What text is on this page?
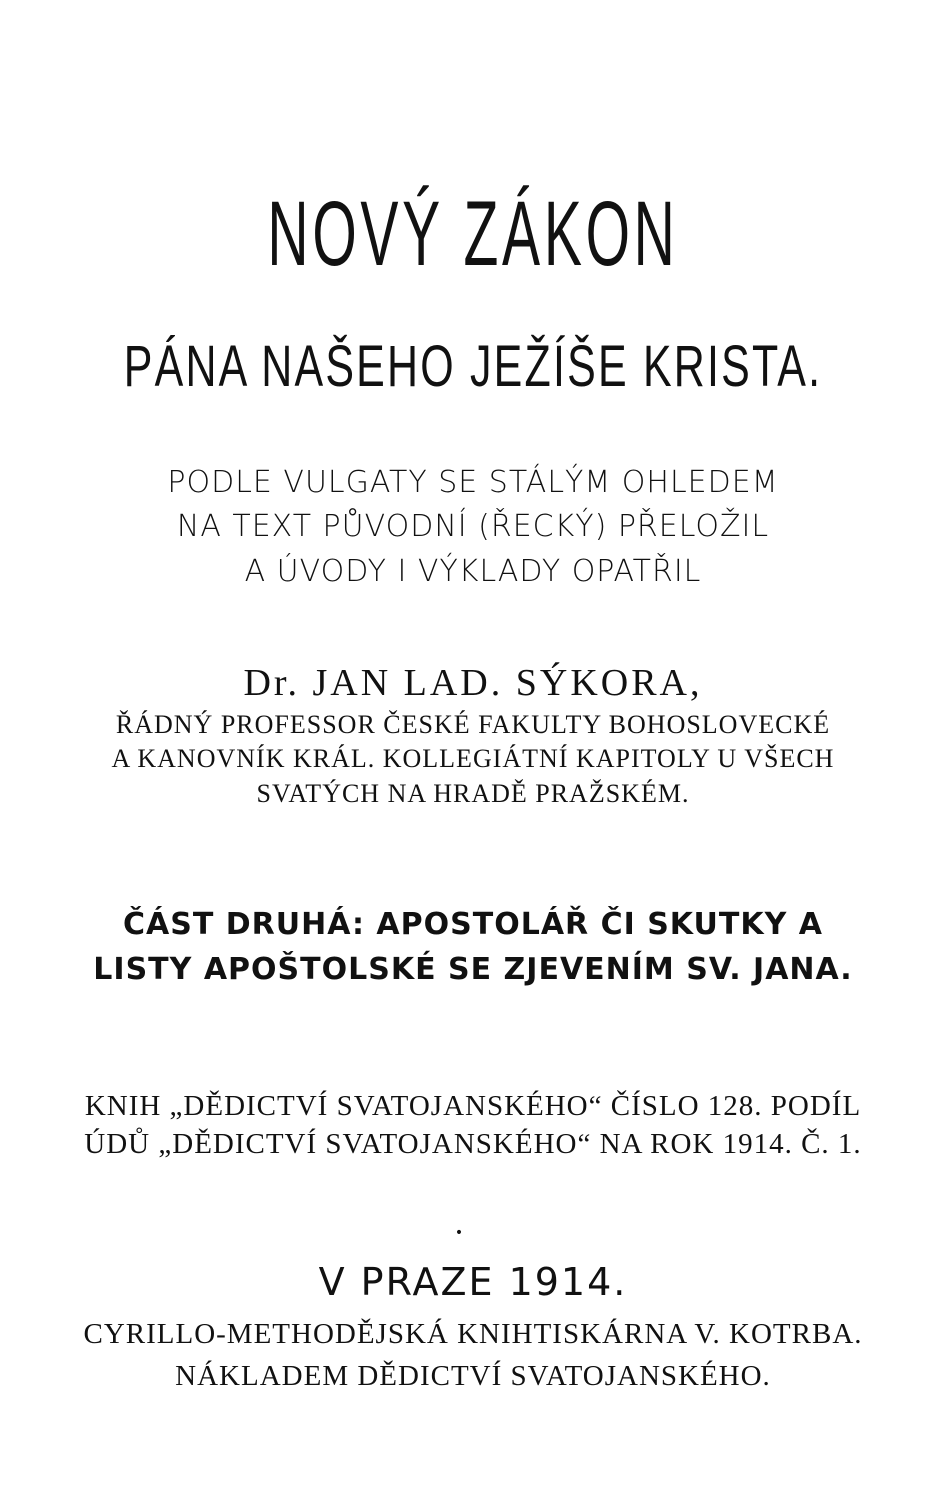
NOVÝ ZÁKON
PÁNA NAŠEHO JEŽÍŠE KRISTA.
PODLE VULGATY SE STÁLÝM OHLEDEM
NA TEXT PŮVODNÍ (ŘECKÝ) PŘELOŽIL
A ÚVODY I VÝKLADY OPATŘIL
Dr. JAN LAD. SÝKORA,
ŘÁDNÝ PROFESSOR ČESKÉ FAKULTY BOHOSLOVECKÉ
A KANOVNÍK KRÁL. KOLLEGIÁTNÍ KAPITOLY U VŠECH
SVATÝCH NA HRADĚ PRAŽSKÉM.
ČÁST DRUHÁ: APOSTOLÁŘ ČI SKUTKY A
LISTY APOŠTOLSKÉ SE ZJEVENÍM SV. JANA.
KNIH „DĚDICTVÍ SVATOJANSKÉHO“ ČÍSLO 128. PODÍL
ÚDŮ „DĚDICTVÍ SVATOJANSKÉHO“ NA ROK 1914. Č. 1.
•
V PRAZE 1914.
CYRILLO-METHODĚJSKÁ KNIHTISKÁRNA V. KOTRBA.
NÁKLADEM DĚDICTVÍ SVATOJANSKÉHO.
